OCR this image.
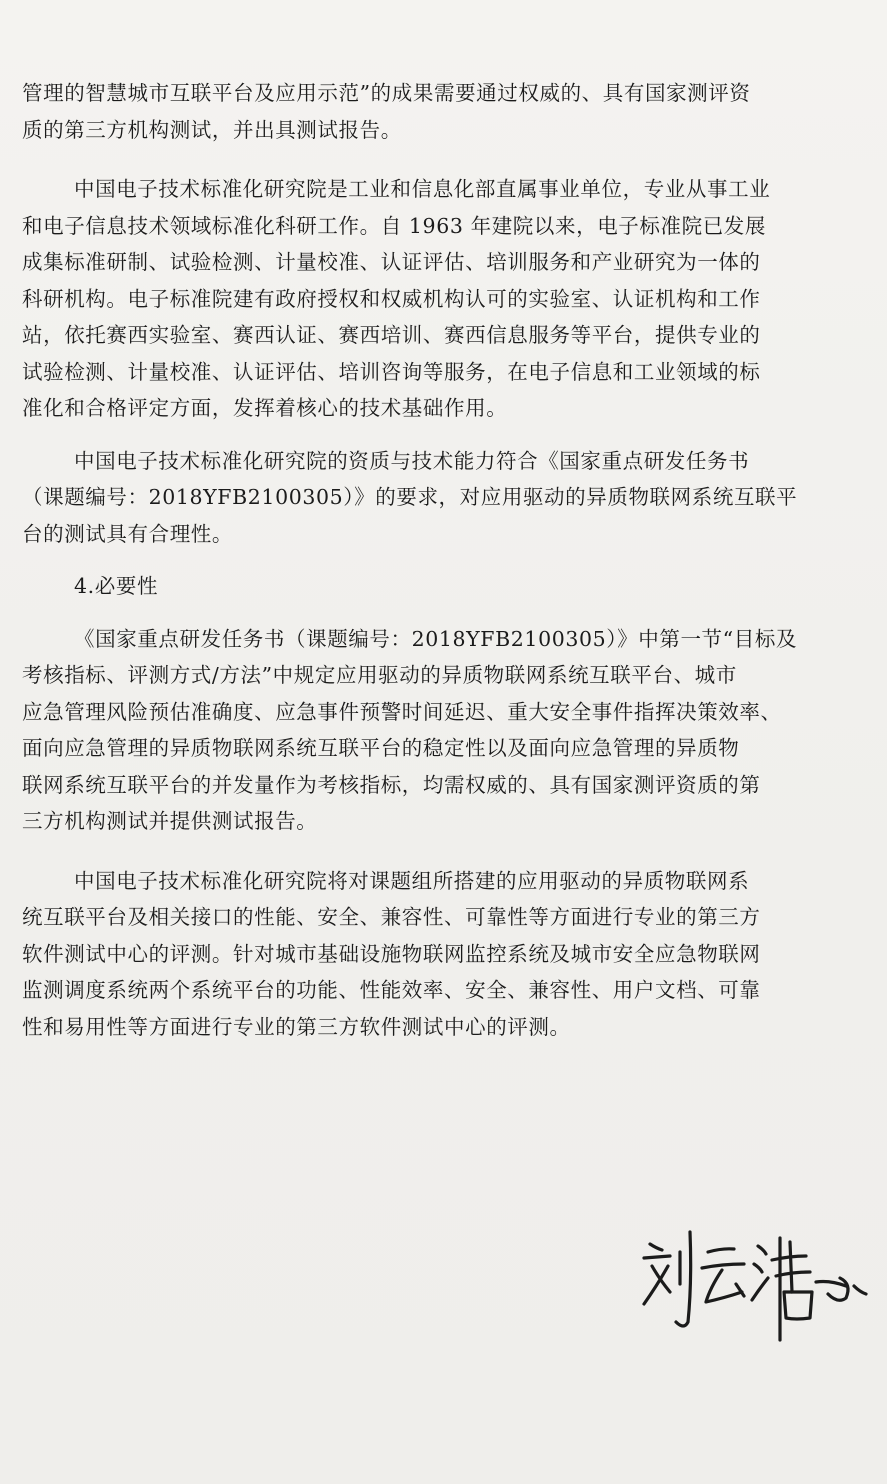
管理的智慧城市互联平台及应用示范”的成果需要通过权威的、具有国家测评资
质的第三方机构测试，并出具测试报告。
中国电子技术标准化研究院是工业和信息化部直属事业单位，专业从事工业
和电子信息技术领域标准化科研工作。自 1963 年建院以来，电子标准院已发展
成集标准研制、试验检测、计量校准、认证评估、培训服务和产业研究为一体的
科研机构。电子标准院建有政府授权和权威机构认可的实验室、认证机构和工作
站，依托赛西实验室、赛西认证、赛西培训、赛西信息服务等平台，提供专业的
试验检测、计量校准、认证评估、培训咨询等服务，在电子信息和工业领域的标
准化和合格评定方面，发挥着核心的技术基础作用。
中国电子技术标准化研究院的资质与技术能力符合《国家重点研发任务书
（课题编号：2018YFB2100305）》的要求，对应用驱动的异质物联网系统互联平
台的测试具有合理性。
4.必要性
《国家重点研发任务书（课题编号：2018YFB2100305）》中第一节“目标及
考核指标、评测方式/方法”中规定应用驱动的异质物联网系统互联平台、城市
应急管理风险预估准确度、应急事件预警时间延迟、重大安全事件指挥决策效率、
面向应急管理的异质物联网系统互联平台的稳定性以及面向应急管理的异质物
联网系统互联平台的并发量作为考核指标，均需权威的、具有国家测评资质的第
三方机构测试并提供测试报告。
中国电子技术标准化研究院将对课题组所搭建的应用驱动的异质物联网系
统互联平台及相关接口的性能、安全、兼容性、可靠性等方面进行专业的第三方
软件测试中心的评测。针对城市基础设施物联网监控系统及城市安全应急物联网
监测调度系统两个系统平台的功能、性能效率、安全、兼容性、用户文档、可靠
性和易用性等方面进行专业的第三方软件测试中心的评测。
